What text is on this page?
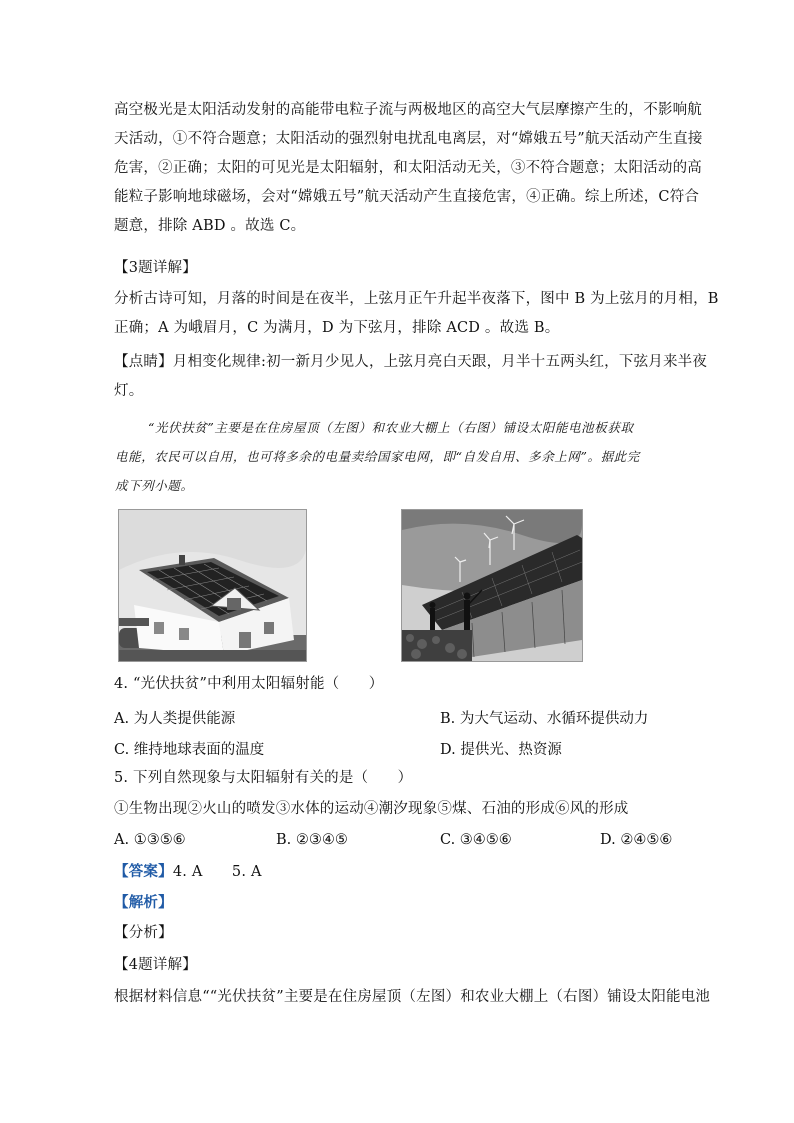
高空极光是太阳活动发射的高能带电粒子流与两极地区的高空大气层摩擦产生的，不影响航
天活动，①不符合题意；太阳活动的强烈射电扰乱电离层，对“嫦娥五号”航天活动产生直接
危害，②正确；太阳的可见光是太阳辐射，和太阳活动无关，③不符合题意；太阳活动的高
能粒子影响地球磁场，会对“嫦娥五号”航天活动产生直接危害，④正确。综上所述，C符合
题意，排除 ABD 。故选 C。
【3题详解】
分析古诗可知，月落的时间是在夜半，上弦月正午升起半夜落下，图中 B 为上弦月的月相，B
正确；A 为峨眉月，C 为满月，D 为下弦月，排除 ACD 。故选 B。
【点睛】月相变化规律:初一新月少见人，上弦月亮白天跟，月半十五两头红，下弦月来半夜
灯。
“光伏扶贫”主要是在住房屋顶（左图）和农业大棚上（右图）铺设太阳能电池板获取
电能，农民可以自用，也可将多余的电量卖给国家电网，即“自发自用、多余上网”。据此完
成下列小题。
4. “光伏扶贫”中利用太阳辐射能（　　）
A. 为人类提供能源	B. 为大气运动、水循环提供动力
C. 维持地球表面的温度	D. 提供光、热资源
5. 下列自然现象与太阳辐射有关的是（　　）
①生物出现②火山的喷发③水体的运动④潮汐现象⑤煤、石油的形成⑥风的形成
A. ①③⑤⑥	B. ②③④⑤	C. ③④⑤⑥	D. ②④⑤⑥
【答案】4. A　　5. A
【解析】
【分析】
【4题详解】
根据材料信息““光伏扶贫”主要是在住房屋顶（左图）和农业大棚上（右图）铺设太阳能电池
